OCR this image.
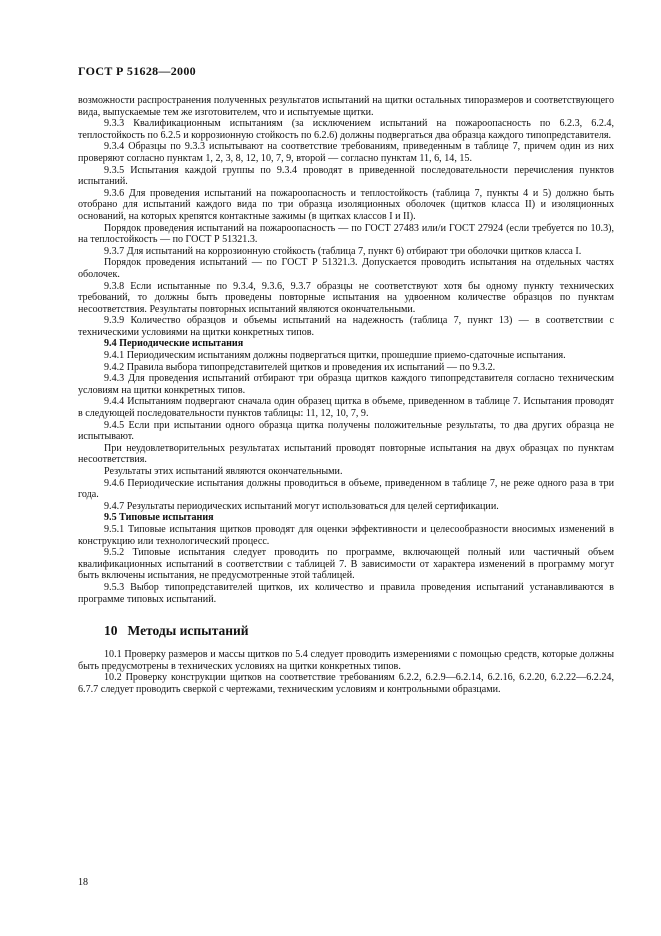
ГОСТ Р 51628—2000

возможности распространения полученных результатов испытаний на щитки остальных типоразмеров и соответствующего вида, выпускаемые тем же изготовителем, что и испытуемые щитки.

9.3.3 Квалификационным испытаниям (за исключением испытаний на пожароопасность по 6.2.3, 6.2.4, теплостойкость по 6.2.5 и коррозионную стойкость по 6.2.6) должны подвергаться два образца каждого типопредставителя.

9.3.4 Образцы по 9.3.3 испытывают на соответствие требованиям, приведенным в таблице 7, причем один из них проверяют согласно пунктам 1, 2, 3, 8, 12, 10, 7, 9, второй — согласно пунктам 11, 6, 14, 15.

9.3.5 Испытания каждой группы по 9.3.4 проводят в приведенной последовательности перечисления пунктов испытаний.

9.3.6 Для проведения испытаний на пожароопасность и теплостойкость (таблица 7, пункты 4 и 5) должно быть отобрано для испытаний каждого вида по три образца изоляционных оболочек (щитков класса II) и изоляционных оснований, на которых крепятся контактные зажимы (в щитках классов I и II).

Порядок проведения испытаний на пожароопасность — по ГОСТ 27483 или/и ГОСТ 27924 (если требуется по 10.3), на теплостойкость — по ГОСТ Р 51321.3.

9.3.7 Для испытаний на коррозионную стойкость (таблица 7, пункт 6) отбирают три оболочки щитков класса I.

Порядок проведения испытаний — по ГОСТ Р 51321.3. Допускается проводить испытания на отдельных частях оболочек.

9.3.8 Если испытанные по 9.3.4, 9.3.6, 9.3.7 образцы не соответствуют хотя бы одному пункту технических требований, то должны быть проведены повторные испытания на удвоенном количестве образцов по пунктам несоответствия. Результаты повторных испытаний являются окончательными.

9.3.9 Количество образцов и объемы испытаний на надежность (таблица 7, пункт 13) — в соответствии с техническими условиями на щитки конкретных типов.

9.4 Периодические испытания

9.4.1 Периодическим испытаниям должны подвергаться щитки, прошедшие приемо-сдаточные испытания.

9.4.2 Правила выбора типопредставителей щитков и проведения их испытаний — по 9.3.2.

9.4.3 Для проведения испытаний отбирают три образца щитков каждого типопредставителя согласно техническим условиям на щитки конкретных типов.

9.4.4 Испытаниям подвергают сначала один образец щитка в объеме, приведенном в таблице 7. Испытания проводят в следующей последовательности пунктов таблицы: 11, 12, 10, 7, 9.

9.4.5 Если при испытании одного образца щитка получены положительные результаты, то два других образца не испытывают.

При неудовлетворительных результатах испытаний проводят повторные испытания на двух образцах по пунктам несоответствия.

Результаты этих испытаний являются окончательными.

9.4.6 Периодические испытания должны проводиться в объеме, приведенном в таблице 7, не реже одного раза в три года.

9.4.7 Результаты периодических испытаний могут использоваться для целей сертификации.

9.5 Типовые испытания

9.5.1 Типовые испытания щитков проводят для оценки эффективности и целесообразности вносимых изменений в конструкцию или технологический процесс.

9.5.2 Типовые испытания следует проводить по программе, включающей полный или частичный объем квалификационных испытаний в соответствии с таблицей 7. В зависимости от характера изменений в программу могут быть включены испытания, не предусмотренные этой таблицей.

9.5.3 Выбор типопредставителей щитков, их количество и правила проведения испытаний устанавливаются в программе типовых испытаний.

10 Методы испытаний

10.1 Проверку размеров и массы щитков по 5.4 следует проводить измерениями с помощью средств, которые должны быть предусмотрены в технических условиях на щитки конкретных типов.

10.2 Проверку конструкции щитков на соответствие требованиям 6.2.2, 6.2.9—6.2.14, 6.2.16, 6.2.20, 6.2.22—6.2.24, 6.7.7 следует проводить сверкой с чертежами, техническим условиям и контрольными образцами.

18
